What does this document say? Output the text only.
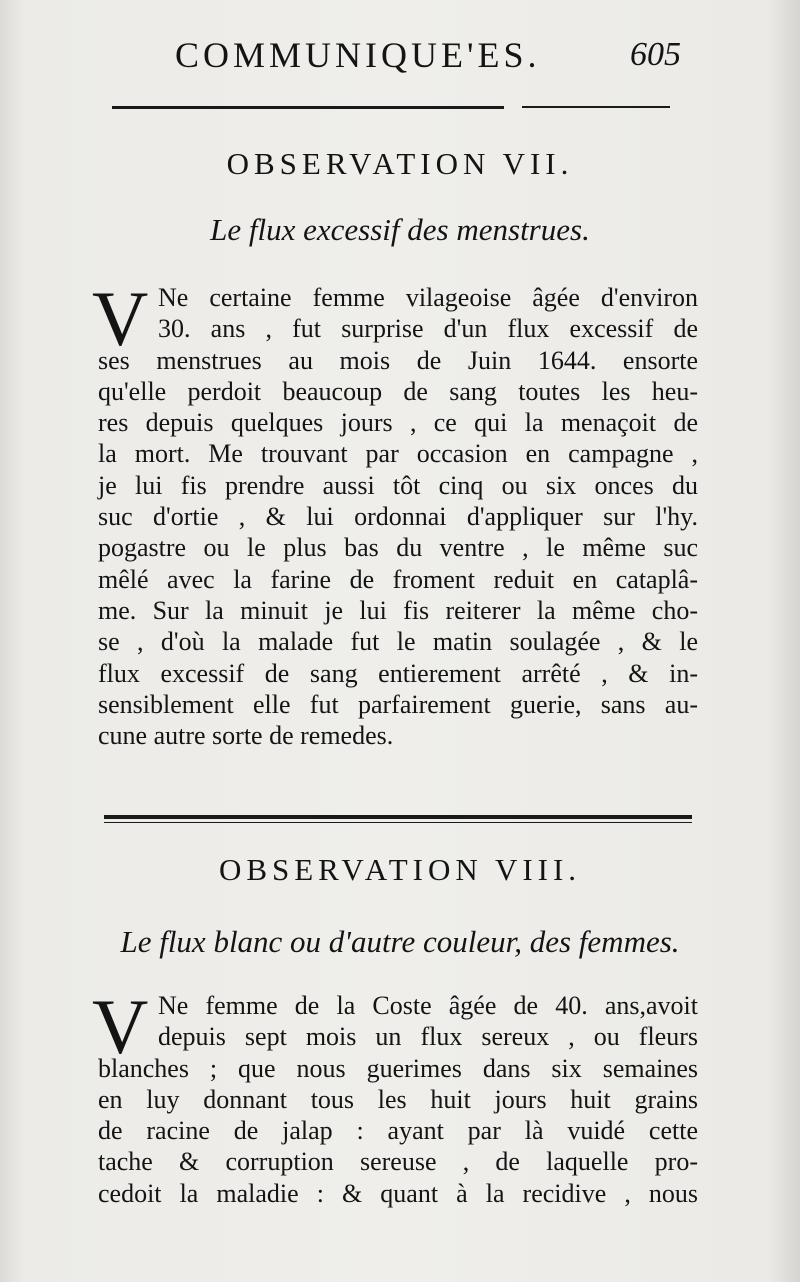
COMMUNIQUE'ES.	605
OBSERVATION VII.
Le flux excessif des menstrues.
V Ne certaine femme vilageoise âgée d'environ
30. ans , fut surprise d'un flux excessif de
ses menstrues au mois de Juin 1644. ensorte
qu'elle perdoit beaucoup de sang toutes les heu-
res depuis quelques jours , ce qui la menaçoit de
la mort. Me trouvant par occasion en campagne ,
je lui fis prendre aussi tôt cinq ou six onces du
suc d'ortie , & lui ordonnai d'appliquer sur l'hy.
pogastre ou le plus bas du ventre , le même suc
mêlé avec la farine de froment reduit en cataplâ-
me. Sur la minuit je lui fis reiterer la même cho-
se , d'où la malade fut le matin soulagée , & le
flux excessif de sang entierement arrêté , & in-
sensiblement elle fut parfairement guerie, sans au-
cune autre sorte de remedes.
OBSERVATION VIII.
Le flux blanc ou d'autre couleur, des femmes.
V Ne femme de la Coste âgée de 40. ans,avoit
depuis sept mois un flux sereux , ou fleurs
blanches ; que nous guerimes dans six semaines
en luy donnant tous les huit jours huit grains
de racine de jalap : ayant par là vuidé cette
tache & corruption sereuse , de laquelle pro-
cedoit la maladie : & quant à la recidive , nous
